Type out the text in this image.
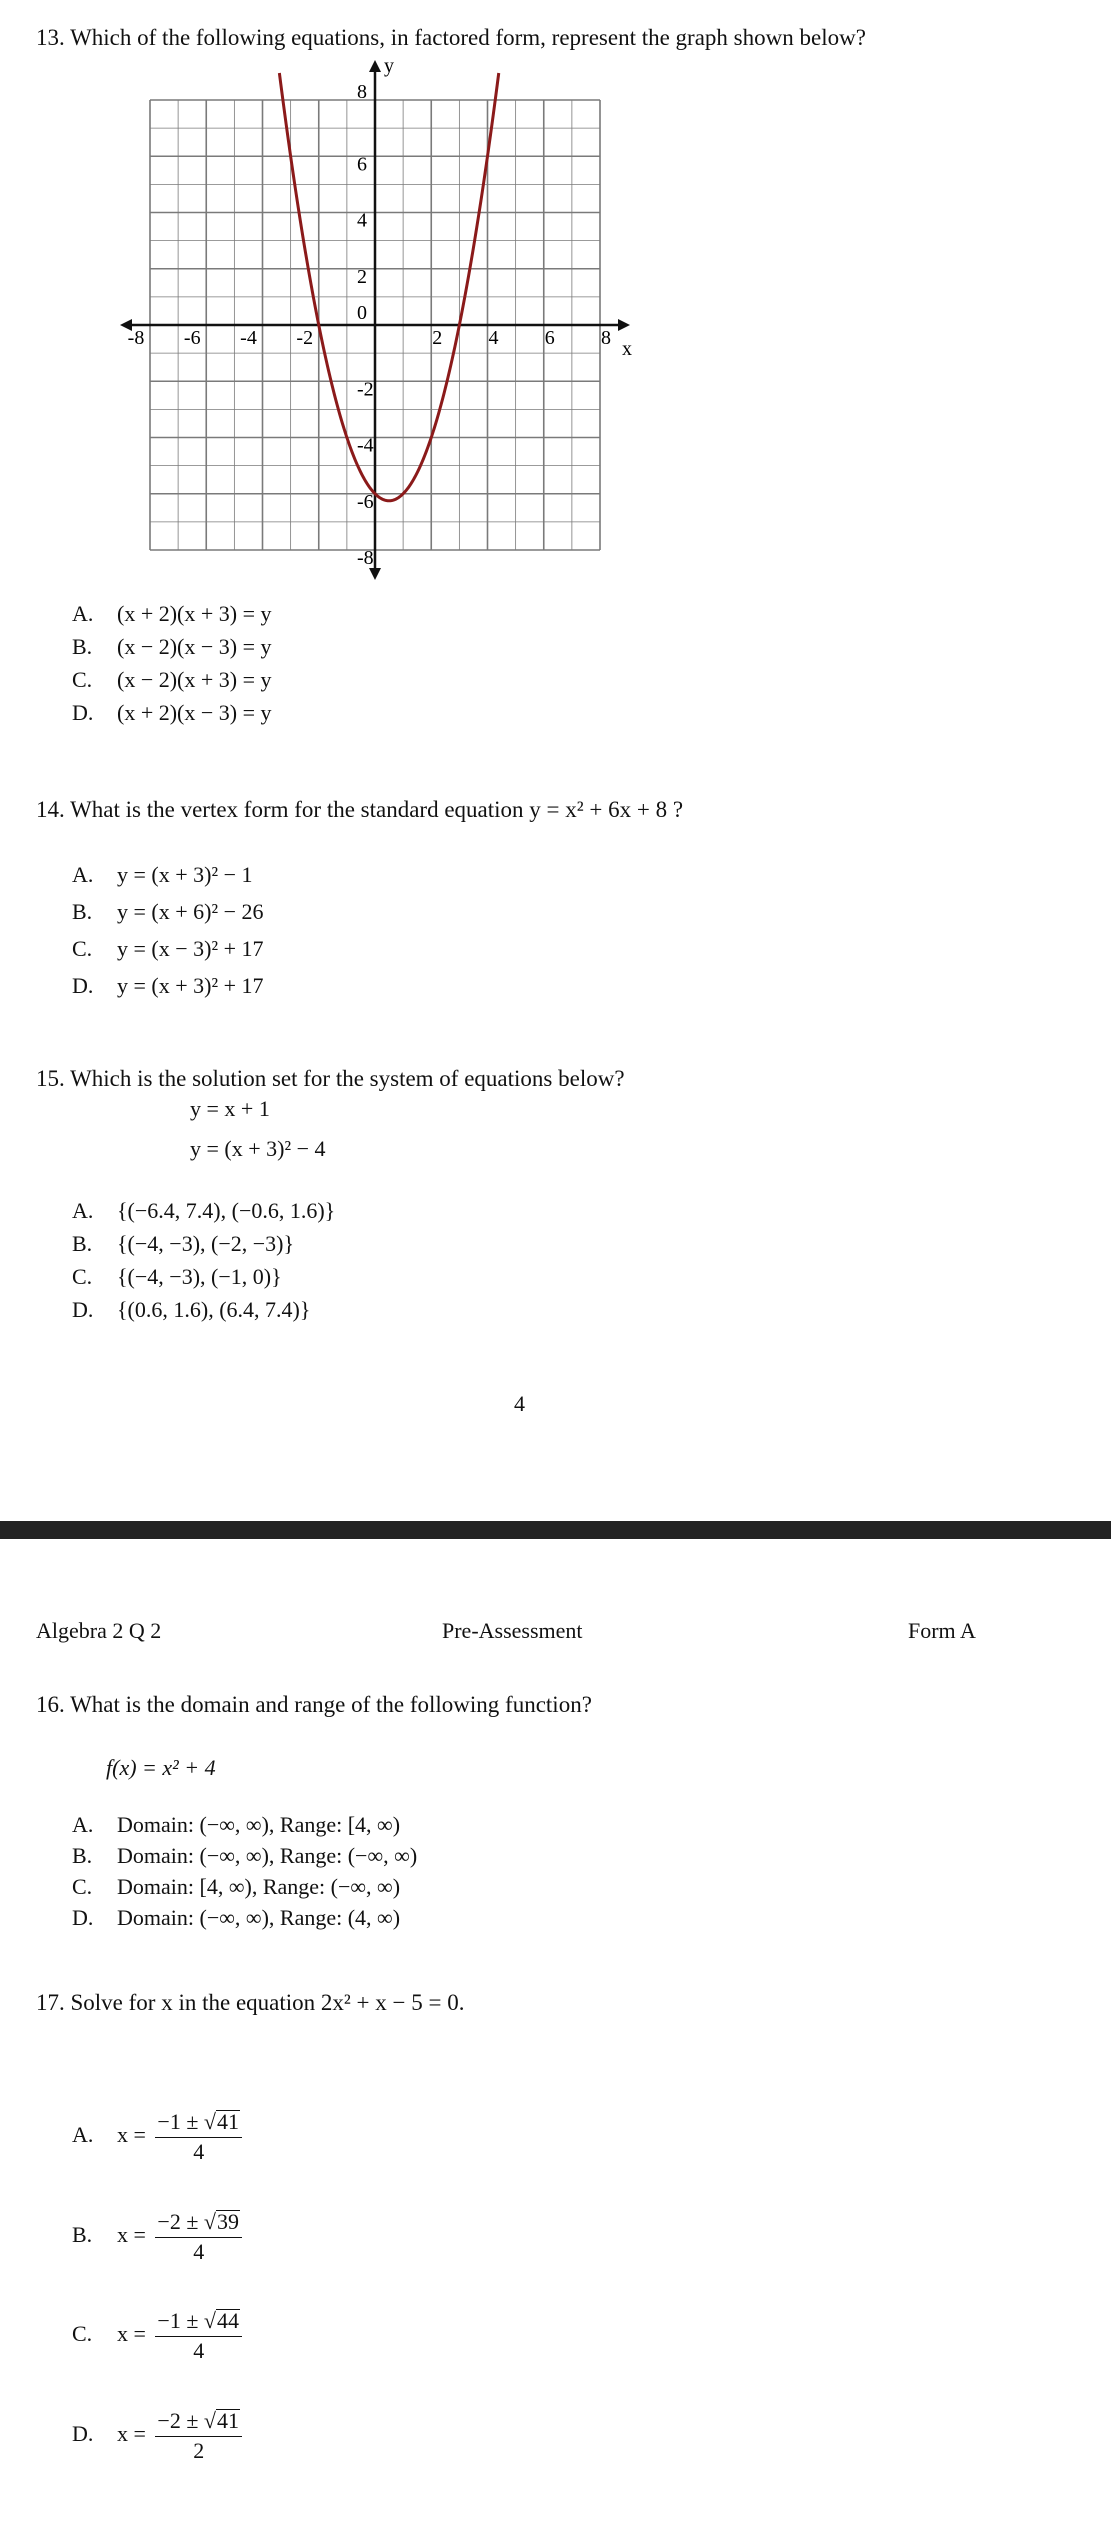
13. Which of the following equations, in factored form, represent the graph shown below?
-8 -6 -4 -2	2 4 6 8
8
6
4
2
0
-2
-4
-6
-8
x
y
A. (x + 2)(x + 3) = y
B. (x − 2)(x − 3) = y
C. (x − 2)(x + 3) = y
D. (x + 2)(x − 3) = y
14. What is the vertex form for the standard equation y = x² + 6x + 8 ?
A. y = (x + 3)² − 1
B. y = (x + 6)² − 26
C. y = (x − 3)² + 17
D. y = (x + 3)² + 17
15. Which is the solution set for the system of equations below?
y = x + 1
y = (x + 3)² − 4
A. {(−6.4, 7.4), (−0.6, 1.6)}
B. {(−4, −3), (−2, −3)}
C. {(−4, −3), (−1, 0)}
D. {(0.6, 1.6), (6.4, 7.4)}
4
Algebra 2 Q 2	Pre-Assessment	Form A
16. What is the domain and range of the following function?
f(x) = x² + 4
A. Domain: (−∞, ∞), Range: [4, ∞)
B. Domain: (−∞, ∞), Range: (−∞, ∞)
C. Domain: [4, ∞), Range: (−∞, ∞)
D. Domain: (−∞, ∞), Range: (4, ∞)
17. Solve for x in the equation 2x² + x − 5 = 0.
A. $x = \frac{-1 \pm √41}{4}$
B. $x = \frac{-2 \pm √39}{4}$
C. $x = \frac{-1 \pm √44}{4}$
D. $x = \frac{-2 \pm √41}{2}$
